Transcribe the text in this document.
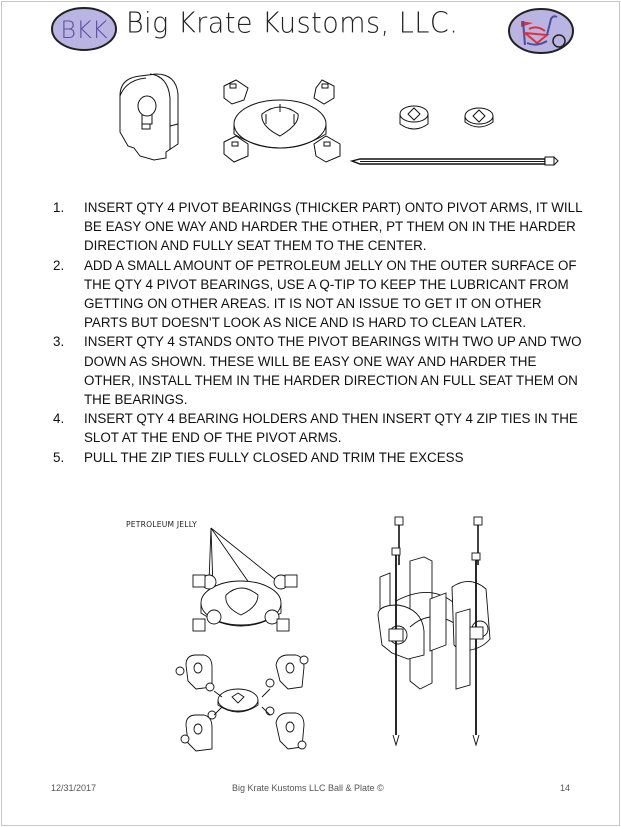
BKK Big Krate Kustoms, LLC.
1. INSERT QTY 4 PIVOT BEARINGS (THICKER PART) ONTO PIVOT ARMS, IT WILL BE EASY ONE WAY AND HARDER THE OTHER, PT THEM ON IN THE HARDER DIRECTION AND FULLY SEAT THEM TO THE CENTER.
2. ADD A SMALL AMOUNT OF PETROLEUM JELLY ON THE OUTER SURFACE OF THE QTY 4 PIVOT BEARINGS, USE A Q-TIP TO KEEP THE LUBRICANT FROM GETTING ON OTHER AREAS. IT IS NOT AN ISSUE TO GET IT ON OTHER PARTS BUT DOESN'T LOOK AS NICE AND IS HARD TO CLEAN LATER.
3. INSERT QTY 4 STANDS ONTO THE PIVOT BEARINGS WITH TWO UP AND TWO DOWN AS SHOWN. THESE WILL BE EASY ONE WAY AND HARDER THE OTHER, INSTALL THEM IN THE HARDER DIRECTION AN FULL SEAT THEM ON THE BEARINGS.
4. INSERT QTY 4 BEARING HOLDERS AND THEN INSERT QTY 4 ZIP TIES IN THE SLOT AT THE END OF THE PIVOT ARMS.
5. PULL THE ZIP TIES FULLY CLOSED AND TRIM THE EXCESS
PETROLEUM JELLY
12/31/2017	Big Krate Kustoms LLC Ball & Plate ©	14
